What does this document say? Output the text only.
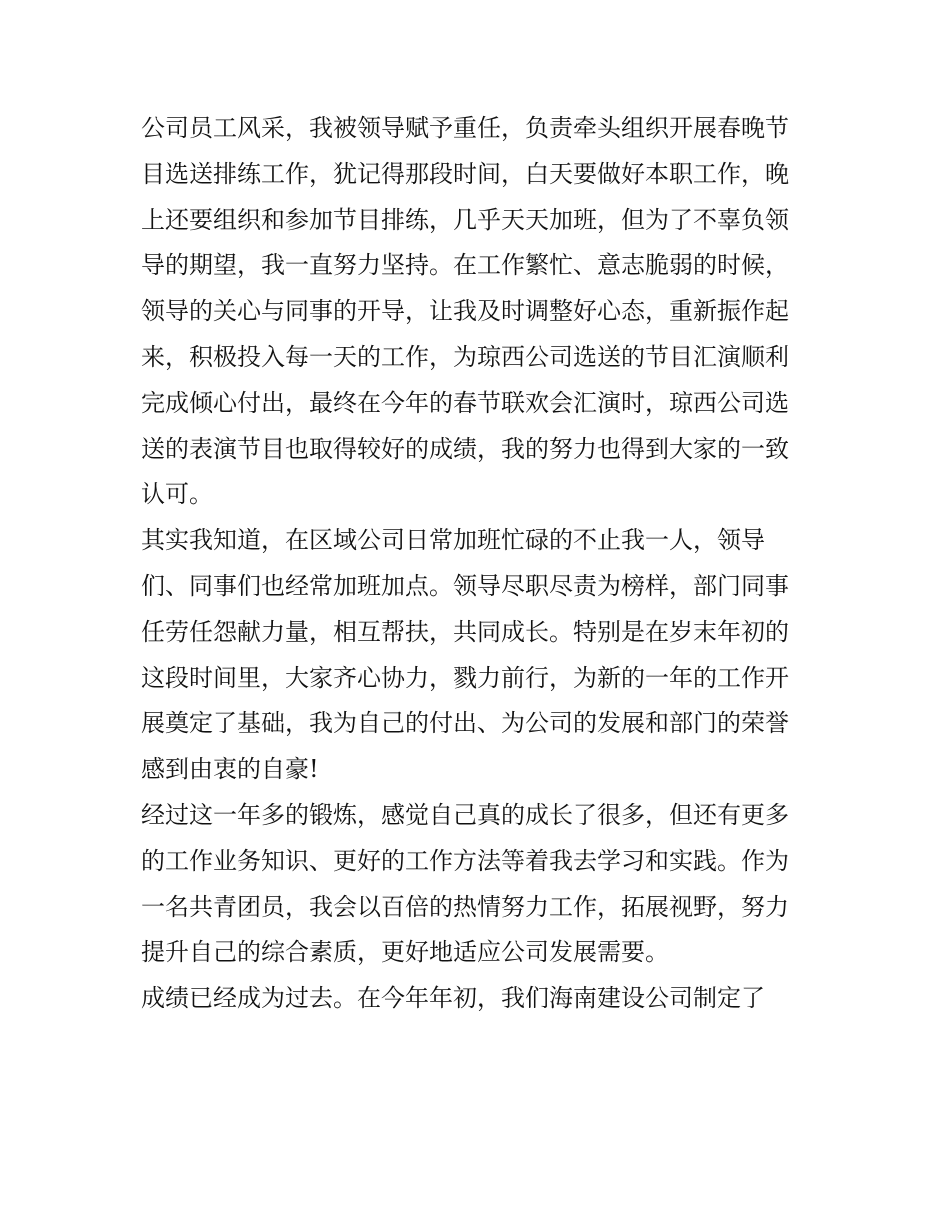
公司员工风采，我被领导赋予重任，负责牵头组织开展春晚节
目选送排练工作，犹记得那段时间，白天要做好本职工作，晚
上还要组织和参加节目排练，几乎天天加班，但为了不辜负领
导的期望，我一直努力坚持。在工作繁忙、意志脆弱的时候，
领导的关心与同事的开导，让我及时调整好心态，重新振作起
来，积极投入每一天的工作，为琼西公司选送的节目汇演顺利
完成倾心付出，最终在今年的春节联欢会汇演时，琼西公司选
送的表演节目也取得较好的成绩，我的努力也得到大家的一致
认可。
其实我知道，在区域公司日常加班忙碌的不止我一人，领导
们、同事们也经常加班加点。领导尽职尽责为榜样，部门同事
任劳任怨献力量，相互帮扶，共同成长。特别是在岁末年初的
这段时间里，大家齐心协力，戮力前行，为新的一年的工作开
展奠定了基础，我为自己的付出、为公司的发展和部门的荣誉
感到由衷的自豪!
经过这一年多的锻炼，感觉自己真的成长了很多，但还有更多
的工作业务知识、更好的工作方法等着我去学习和实践。作为
一名共青团员，我会以百倍的热情努力工作，拓展视野，努力
提升自己的综合素质，更好地适应公司发展需要。
成绩已经成为过去。在今年年初，我们海南建设公司制定了
